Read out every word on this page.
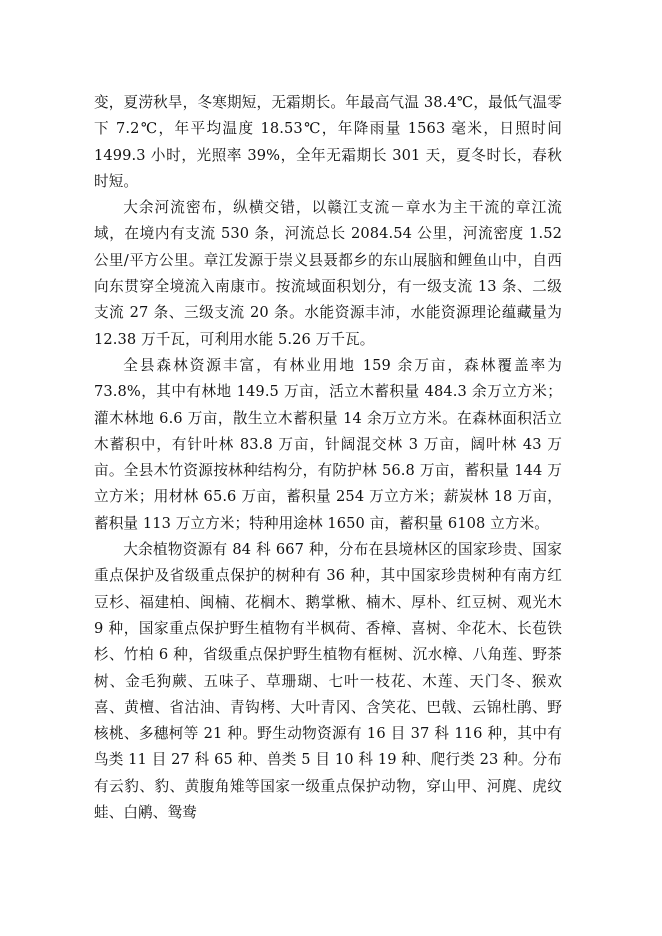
变，夏涝秋旱，冬寒期短，无霜期长。年最高气温 38.4℃，最低气温零下 7.2℃，年平均温度 18.53℃，年降雨量 1563 毫米，日照时间 1499.3 小时，光照率 39%，全年无霜期长 301 天，夏冬时长，春秋时短。

大余河流密布，纵横交错，以赣江支流－章水为主干流的章江流域，在境内有支流 530 条，河流总长 2084.54 公里，河流密度 1.52 公里/平方公里。章江发源于崇义县聂都乡的东山展脑和鲤鱼山中，自西向东贯穿全境流入南康市。按流域面积划分，有一级支流 13 条、二级支流 27 条、三级支流 20 条。水能资源丰沛，水能资源理论蕴藏量为 12.38 万千瓦，可利用水能 5.26 万千瓦。

全县森林资源丰富，有林业用地 159 余万亩，森林覆盖率为 73.8%，其中有林地 149.5 万亩，活立木蓄积量 484.3 余万立方米；灌木林地 6.6 万亩，散生立木蓄积量 14 余万立方米。在森林面积活立木蓄积中，有针叶林 83.8 万亩，针阔混交林 3 万亩，阔叶林 43 万亩。全县木竹资源按林种结构分，有防护林 56.8 万亩，蓄积量 144 万立方米；用材林 65.6 万亩，蓄积量 254 万立方米；薪炭林 18 万亩，蓄积量 113 万立方米；特种用途林 1650 亩，蓄积量 6108 立方米。

大余植物资源有 84 科 667 种，分布在县境林区的国家珍贵、国家重点保护及省级重点保护的树种有 36 种，其中国家珍贵树种有南方红豆杉、福建柏、闽楠、花榈木、鹅掌楸、楠木、厚朴、红豆树、观光木 9 种，国家重点保护野生植物有半枫荷、香樟、喜树、伞花木、长苞铁杉、竹柏 6 种，省级重点保护野生植物有框树、沉水樟、八角莲、野茶树、金毛狗蕨、五味子、草珊瑚、七叶一枝花、木莲、天门冬、猴欢喜、黄檀、省沽油、青钩栲、大叶青冈、含笑花、巴戟、云锦杜鹃、野核桃、多穗柯等 21 种。野生动物资源有 16 目 37 科 116 种，其中有鸟类 11 目 27 科 65 种、兽类 5 目 10 科 19 种、爬行类 23 种。分布有云豹、豹、黄腹角雉等国家一级重点保护动物，穿山甲、河麂、虎纹蛙、白鹇、鸳鸯
